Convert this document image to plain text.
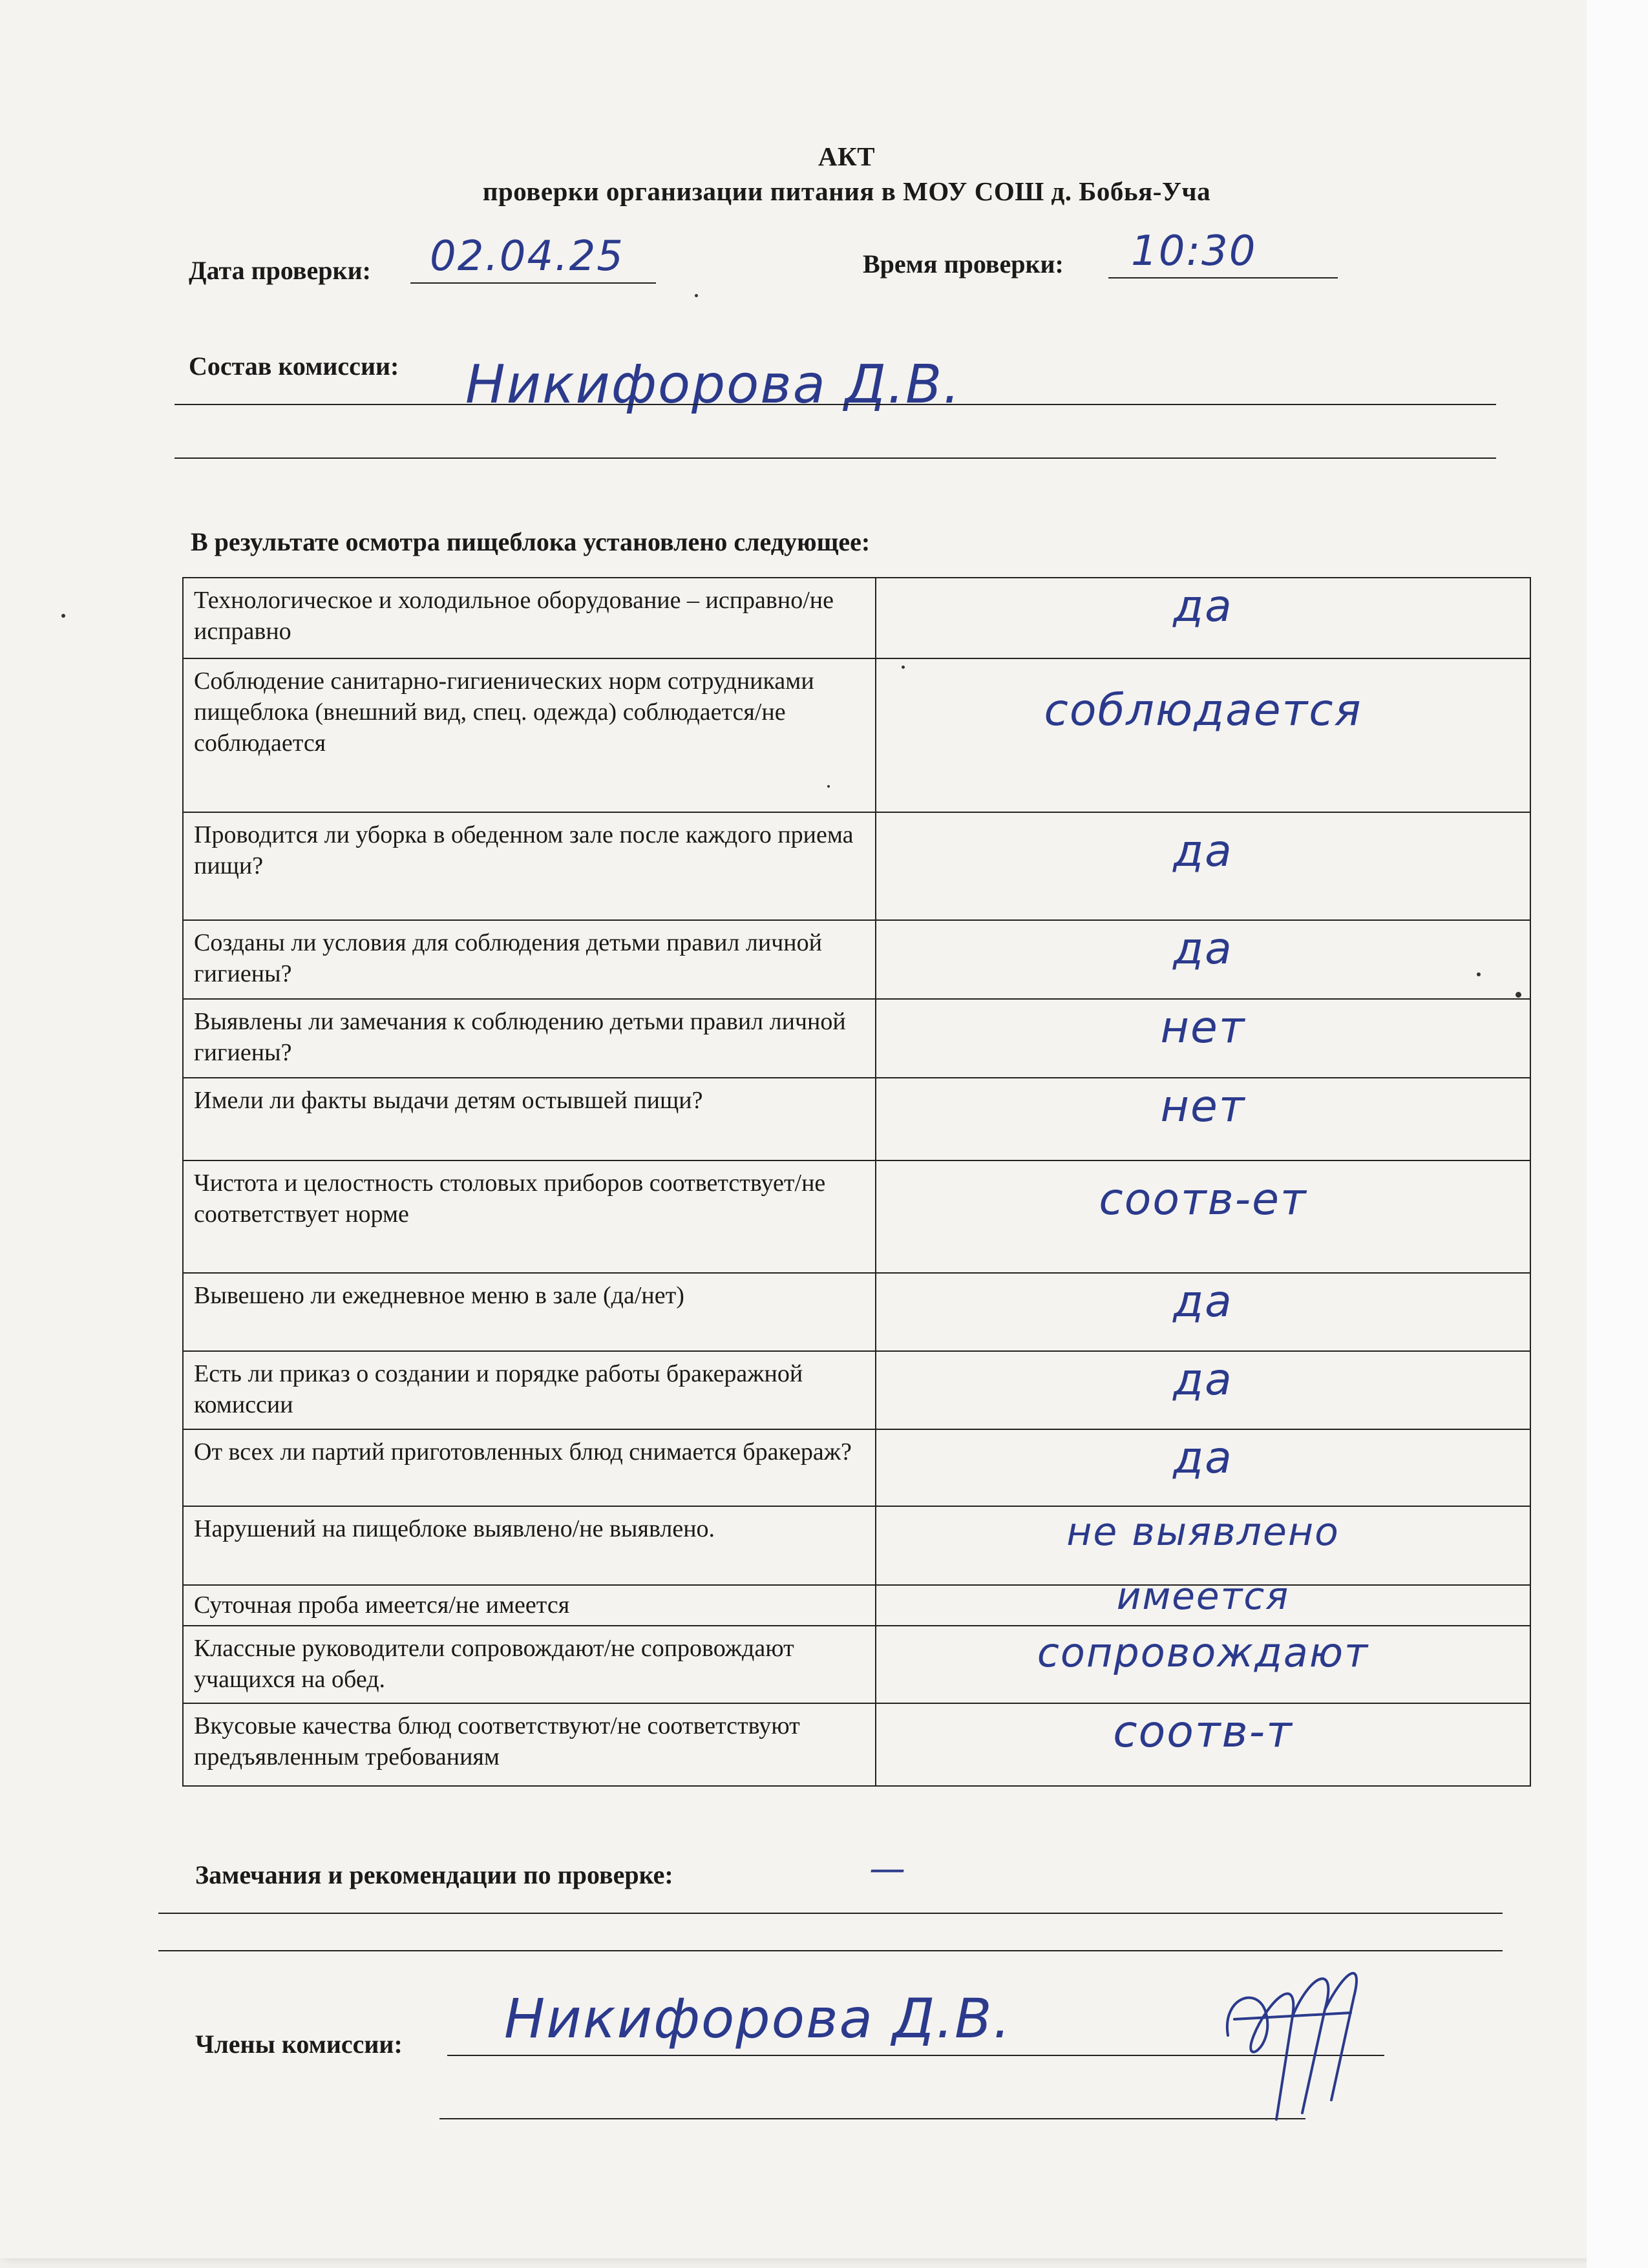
АКТ
проверки организации питания в МОУ СОШ д. Бобья-Уча
Дата проверки: 02.04.25	Время проверки: 10:30
Состав комиссии: Никифорова Д.В.
В результате осмотра пищеблока установлено следующее:
Технологическое и холодильное оборудование – исправно/не исправно	да

Соблюдение санитарно-гигиенических норм сотрудниками пищеблока (внешний вид, спец. одежда) соблюдается/не соблюдается	соблюдается

Проводится ли уборка в обеденном зале после каждого приема пищи?	да

Созданы ли условия для соблюдения детьми правил личной гигиены?	да

Выявлены ли замечания к соблюдению детьми правил личной гигиены?	нет

Имели ли факты выдачи детям остывшей пищи?	нет

Чистота и целостность столовых приборов соответствует/не соответствует норме	соотв-ет

Вывешено ли ежедневное меню в зале (да/нет)	да

Есть ли приказ о создании и порядке работы бракеражной комиссии	да

От всех ли партий приготовленных блюд снимается бракераж?	да

Нарушений на пищеблоке выявлено/не выявлено.	не выявлено

Суточная проба имеется/не имеется	имеется

Классные руководители сопровождают/не сопровождают учащихся на обед.	сопровождают

Вкусовые качества блюд соответствуют/не соответствуют предъявленным требованиям	соотв-т
Замечания и рекомендации по проверке:	—
Члены комиссии: Никифорова Д.В.
